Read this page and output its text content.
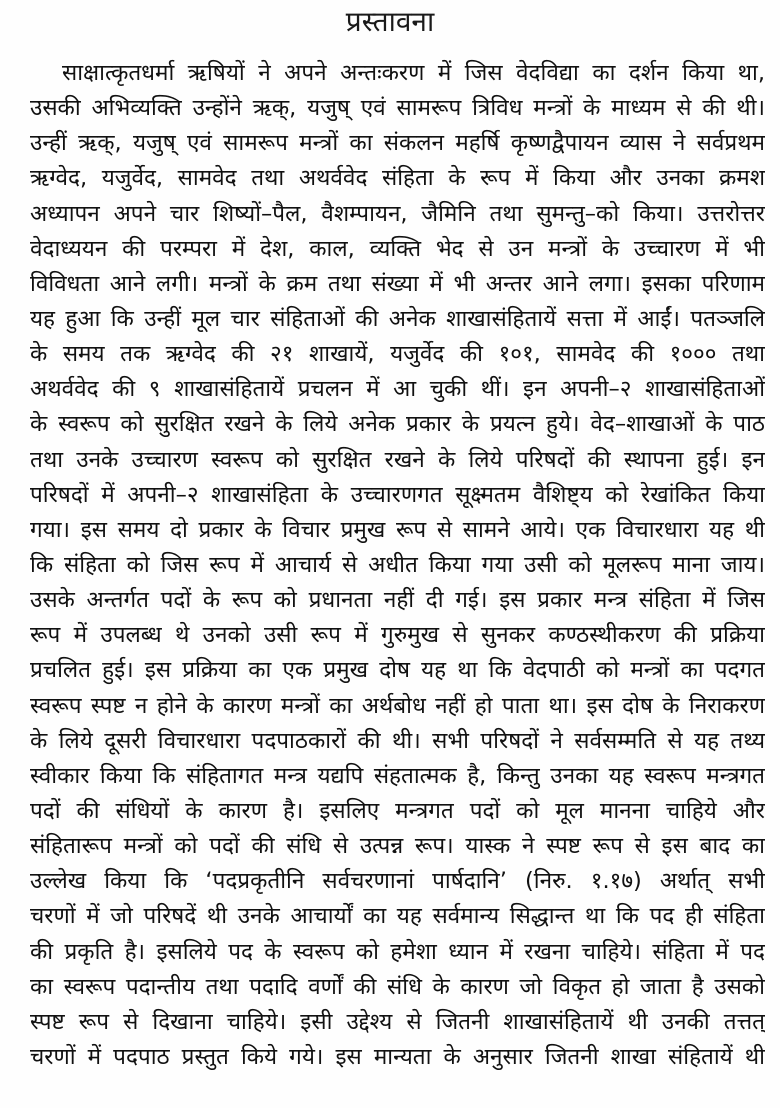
प्रस्तावना
साक्षात्कृतधर्मा ऋषियों ने अपने अन्तःकरण में जिस वेदविद्या का दर्शन किया था,
उसकी अभिव्यक्ति उन्होंने ऋक्, यजुष् एवं सामरूप त्रिविध मन्त्रों के माध्यम से की थी।
उन्हीं ऋक्, यजुष् एवं सामरूप मन्त्रों का संकलन महर्षि कृष्णद्वैपायन व्यास ने सर्वप्रथम
ऋग्वेद, यजुर्वेद, सामवेद तथा अथर्ववेद संहिता के रूप में किया और उनका क्रमश
अध्यापन अपने चार शिष्यों–पैल, वैशम्पायन, जैमिनि तथा सुमन्तु–को किया। उत्तरोत्तर
वेदाध्ययन की परम्परा में देश, काल, व्यक्ति भेद से उन मन्त्रों के उच्चारण में भी
विविधता आने लगी। मन्त्रों के क्रम तथा संख्या में भी अन्तर आने लगा। इसका परिणाम
यह हुआ कि उन्हीं मूल चार संहिताओं की अनेक शाखासंहितायें सत्ता में आईं। पतञ्जलि
के समय तक ऋग्वेद की २१ शाखायें, यजुर्वेद की १०१, सामवेद की १००० तथा
अथर्ववेद की ९ शाखासंहितायें प्रचलन में आ चुकी थीं। इन अपनी–२ शाखासंहिताओं
के स्वरूप को सुरक्षित रखने के लिये अनेक प्रकार के प्रयत्न हुये। वेद–शाखाओं के पाठ
तथा उनके उच्चारण स्वरूप को सुरक्षित रखने के लिये परिषदों की स्थापना हुई। इन
परिषदों में अपनी–२ शाखासंहिता के उच्चारणगत सूक्ष्मतम वैशिष्ट्य को रेखांकित किया
गया। इस समय दो प्रकार के विचार प्रमुख रूप से सामने आये। एक विचारधारा यह थी
कि संहिता को जिस रूप में आचार्य से अधीत किया गया उसी को मूलरूप माना जाय।
उसके अन्तर्गत पदों के रूप को प्रधानता नहीं दी गई। इस प्रकार मन्त्र संहिता में जिस
रूप में उपलब्ध थे उनको उसी रूप में गुरुमुख से सुनकर कण्ठस्थीकरण की प्रक्रिया
प्रचलित हुई। इस प्रक्रिया का एक प्रमुख दोष यह था कि वेदपाठी को मन्त्रों का पदगत
स्वरूप स्पष्ट न होने के कारण मन्त्रों का अर्थबोध नहीं हो पाता था। इस दोष के निराकरण
के लिये दूसरी विचारधारा पदपाठकारों की थी। सभी परिषदों ने सर्वसम्मति से यह तथ्य
स्वीकार किया कि संहितागत मन्त्र यद्यपि संहतात्मक है, किन्तु उनका यह स्वरूप मन्त्रगत
पदों की संधियों के कारण है। इसलिए मन्त्रगत पदों को मूल मानना चाहिये और
संहितारूप मन्त्रों को पदों की संधि से उत्पन्न रूप। यास्क ने स्पष्ट रूप से इस बाद का
उल्लेख किया कि ‘पदप्रकृतीनि सर्वचरणानां पार्षदानि’ (निरु. १.१७) अर्थात् सभी
चरणों में जो परिषदें थी उनके आचार्यों का यह सर्वमान्य सिद्धान्त था कि पद ही संहिता
की प्रकृति है। इसलिये पद के स्वरूप को हमेशा ध्यान में रखना चाहिये। संहिता में पद
का स्वरूप पदान्तीय तथा पदादि वर्णों की संधि के कारण जो विकृत हो जाता है उसको
स्पष्ट रूप से दिखाना चाहिये। इसी उद्देश्य से जितनी शाखासंहितायें थी उनकी तत्तत्
चरणों में पदपाठ प्रस्तुत किये गये। इस मान्यता के अनुसार जितनी शाखा संहितायें थी
